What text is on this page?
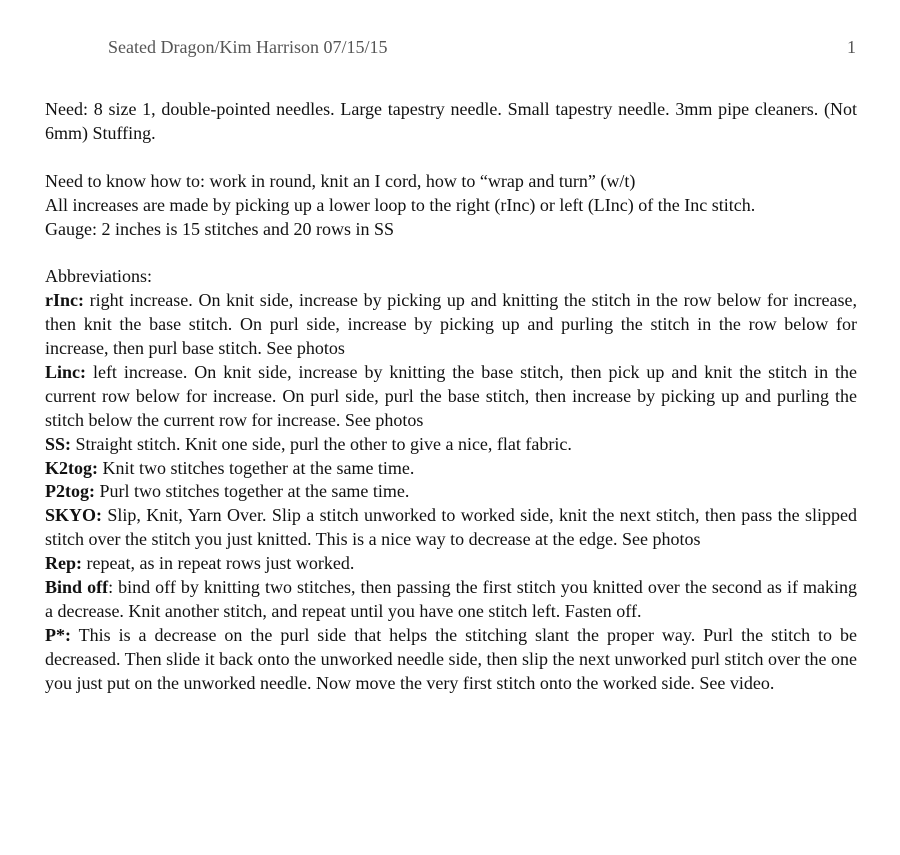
Seated Dragon/Kim Harrison 07/15/15	1

Need: 8 size 1, double-pointed needles. Large tapestry needle. Small tapestry needle. 3mm pipe cleaners. (Not 6mm) Stuffing.

Need to know how to: work in round, knit an I cord, how to “wrap and turn” (w/t)

All increases are made by picking up a lower loop to the right (rInc) or left (LInc) of the Inc stitch.

Gauge: 2 inches is 15 stitches and 20 rows in SS

Abbreviations:

rInc: right increase. On knit side, increase by picking up and knitting the stitch in the row below for increase, then knit the base stitch. On purl side, increase by picking up and purling the stitch in the row below for increase, then purl base stitch. See photos

Linc: left increase. On knit side, increase by knitting the base stitch, then pick up and knit the stitch in the current row below for increase. On purl side, purl the base stitch, then increase by picking up and purling the stitch below the current row for increase. See photos

SS: Straight stitch. Knit one side, purl the other to give a nice, flat fabric.

K2tog: Knit two stitches together at the same time.

P2tog: Purl two stitches together at the same time.

SKYO: Slip, Knit, Yarn Over. Slip a stitch unworked to worked side, knit the next stitch, then pass the slipped stitch over the stitch you just knitted. This is a nice way to decrease at the edge. See photos

Rep: repeat, as in repeat rows just worked.

Bind off: bind off by knitting two stitches, then passing the first stitch you knitted over the second as if making a decrease. Knit another stitch, and repeat until you have one stitch left. Fasten off.

P*: This is a decrease on the purl side that helps the stitching slant the proper way. Purl the stitch to be decreased. Then slide it back onto the unworked needle side, then slip the next unworked purl stitch over the one you just put on the unworked needle. Now move the very first stitch onto the worked side. See video.
